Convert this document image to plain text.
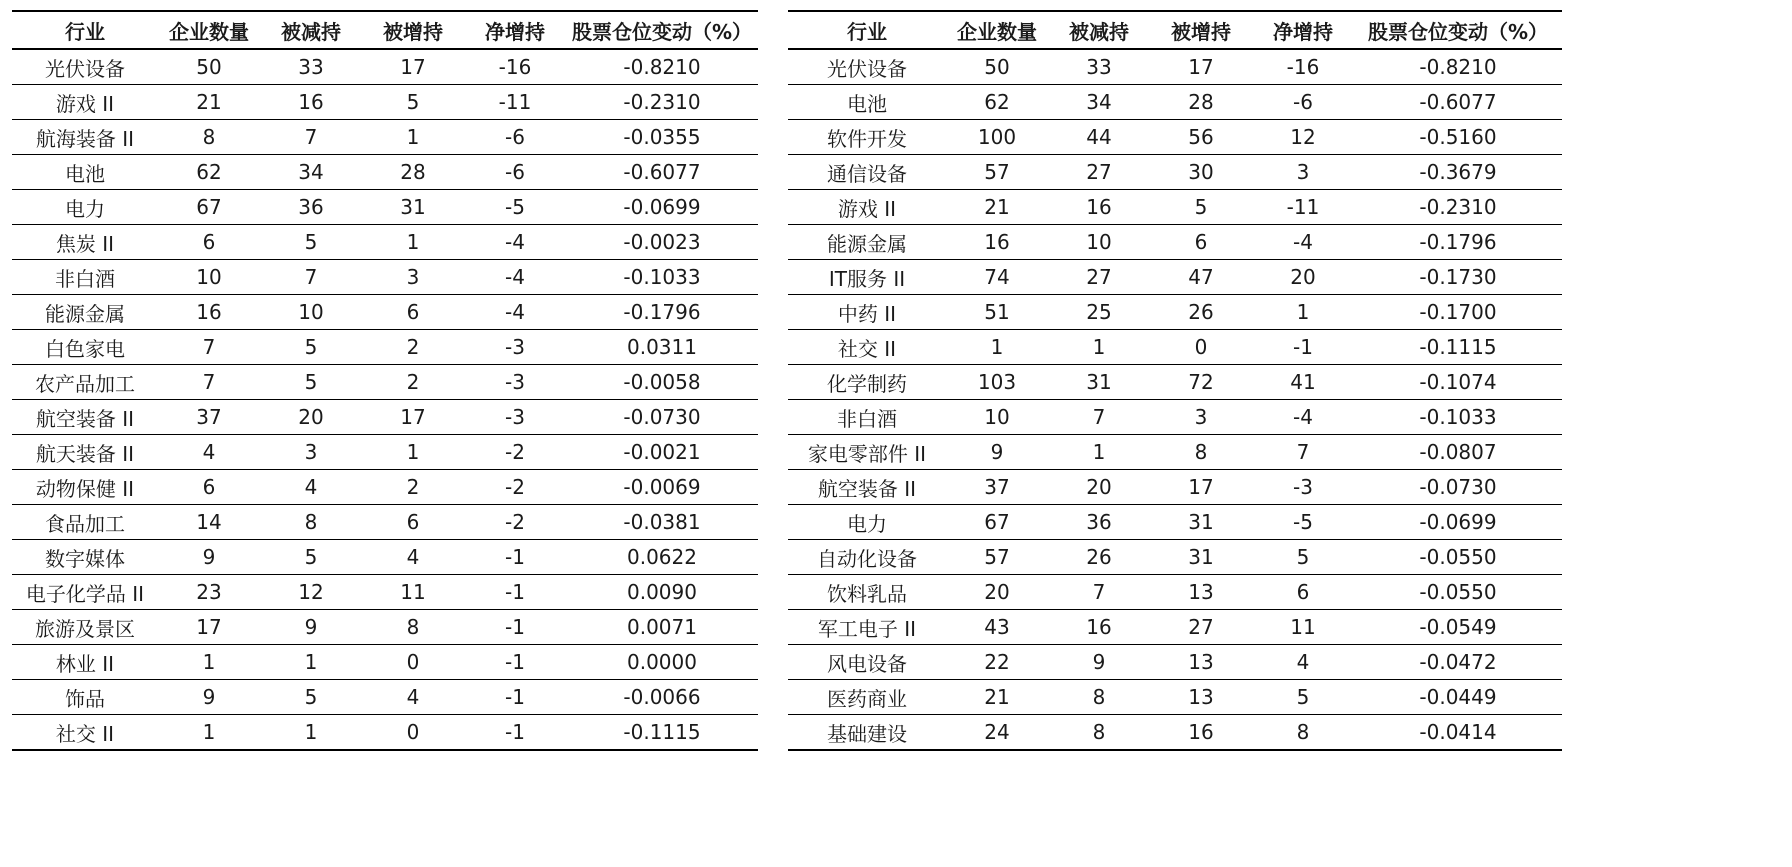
行业	企业数量	被减持	被增持	净增持	股票仓位变动（%）
光伏设备	50	33	17	-16	-0.8210
游戏 II	21	16	5	-11	-0.2310
航海装备 II	8	7	1	-6	-0.0355
电池	62	34	28	-6	-0.6077
电力	67	36	31	-5	-0.0699
焦炭 II	6	5	1	-4	-0.0023
非白酒	10	7	3	-4	-0.1033
能源金属	16	10	6	-4	-0.1796
白色家电	7	5	2	-3	0.0311
农产品加工	7	5	2	-3	-0.0058
航空装备 II	37	20	17	-3	-0.0730
航天装备 II	4	3	1	-2	-0.0021
动物保健 II	6	4	2	-2	-0.0069
食品加工	14	8	6	-2	-0.0381
数字媒体	9	5	4	-1	0.0622
电子化学品 II	23	12	11	-1	0.0090
旅游及景区	17	9	8	-1	0.0071
林业 II	1	1	0	-1	0.0000
饰品	9	5	4	-1	-0.0066
社交 II	1	1	0	-1	-0.1115
行业	企业数量	被减持	被增持	净增持	股票仓位变动（%）
光伏设备	50	33	17	-16	-0.8210
电池	62	34	28	-6	-0.6077
软件开发	100	44	56	12	-0.5160
通信设备	57	27	30	3	-0.3679
游戏 II	21	16	5	-11	-0.2310
能源金属	16	10	6	-4	-0.1796
IT服务 II	74	27	47	20	-0.1730
中药 II	51	25	26	1	-0.1700
社交 II	1	1	0	-1	-0.1115
化学制药	103	31	72	41	-0.1074
非白酒	10	7	3	-4	-0.1033
家电零部件 II	9	1	8	7	-0.0807
航空装备 II	37	20	17	-3	-0.0730
电力	67	36	31	-5	-0.0699
自动化设备	57	26	31	5	-0.0550
饮料乳品	20	7	13	6	-0.0550
军工电子 II	43	16	27	11	-0.0549
风电设备	22	9	13	4	-0.0472
医药商业	21	8	13	5	-0.0449
基础建设	24	8	16	8	-0.0414
